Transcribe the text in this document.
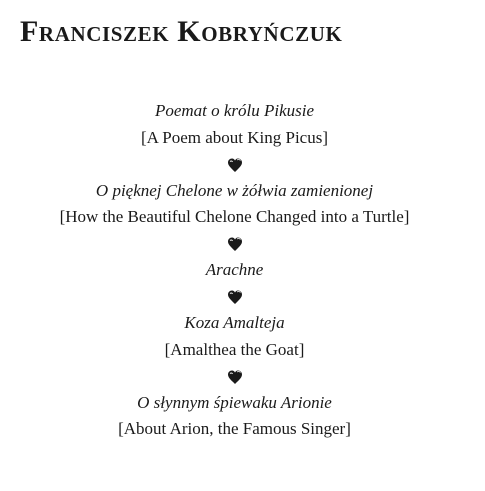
Franciszek Kobryńczuk
Poemat o królu Pikusie
[A Poem about King Picus]
O pięknej Chelone w żółwia zamienionej
[How the Beautiful Chelone Changed into a Turtle]
Arachne
Koza Amalteja
[Amalthea the Goat]
O słynnym śpiewaku Arionie
[About Arion, the Famous Singer]
